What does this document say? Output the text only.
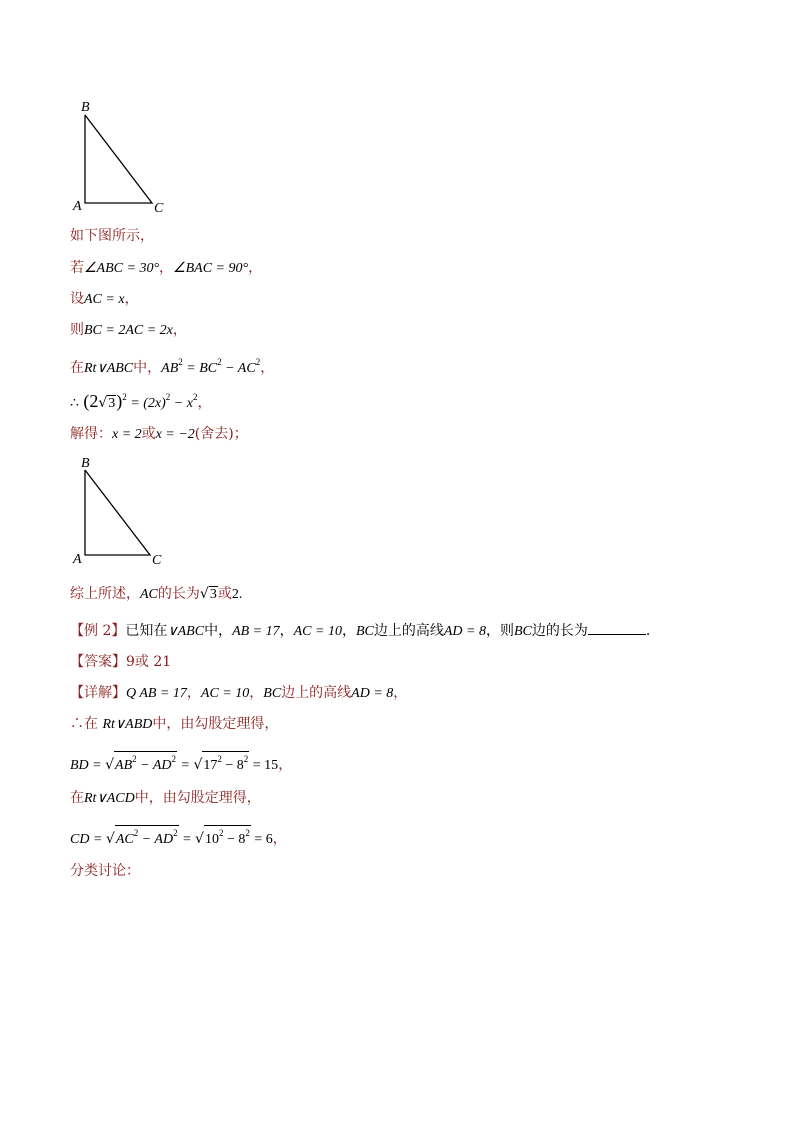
B
A	C
如下图所示，
若∠ABC = 30°，∠BAC = 90°，
设AC = x，
则BC = 2AC = 2x，
在Rt∨ABC中，$AB^2 = BC^2 - AC^2$，
∴ $(2√3)^2 = (2x)^2 - x^2$，
解得：x = 2或x = −2(舍去)；
B
A	C
综上所述，AC的长为√3或2.
【例 2】已知在∨ABC中，AB = 17，AC = 10，BC边上的高线AD = 8，则BC边的长为	.
【答案】9或 21
【详解】Q AB = 17，AC = 10，BC边上的高线AD = 8，
∴在 Rt∨ABD中，由勾股定理得，
BD = $√AB^2 - AD^2 = √17^2 - 8^2 = 15$，
在Rt∨ACD中，由勾股定理得，
CD = $√AC^2 - AD^2 = √10^2 - 8^2 = 6$，
分类讨论：
